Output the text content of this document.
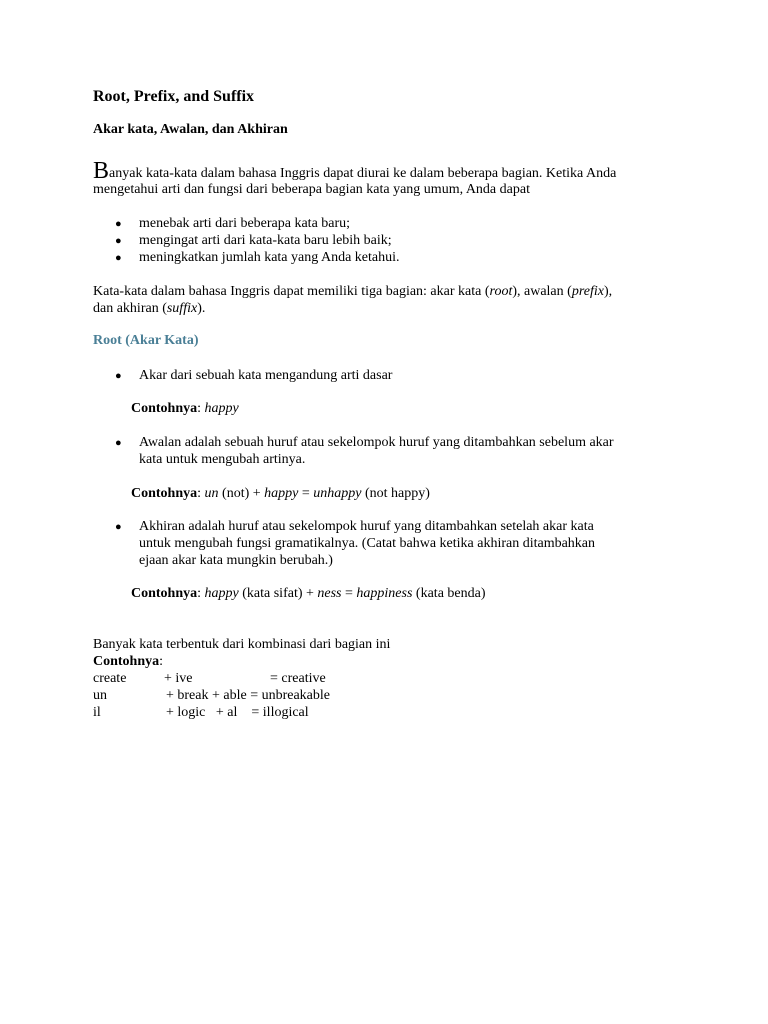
Root, Prefix, and Suffix
Akar kata, Awalan, dan Akhiran
Banyak kata-kata dalam bahasa Inggris dapat diurai ke dalam beberapa bagian. Ketika Anda
mengetahui arti dan fungsi dari beberapa bagian kata yang umum, Anda dapat
● menebak arti dari beberapa kata baru;
● mengingat arti dari kata-kata baru lebih baik;
● meningkatkan jumlah kata yang Anda ketahui.
Kata-kata dalam bahasa Inggris dapat memiliki tiga bagian: akar kata (root), awalan (prefix),
dan akhiran (suffix).
Root (Akar Kata)
● Akar dari sebuah kata mengandung arti dasar
Contohnya: happy
● Awalan adalah sebuah huruf atau sekelompok huruf yang ditambahkan sebelum akar
kata untuk mengubah artinya.
Contohnya: un (not) + happy = unhappy (not happy)
● Akhiran adalah huruf atau sekelompok huruf yang ditambahkan setelah akar kata
untuk mengubah fungsi gramatikalnya. (Catat bahwa ketika akhiran ditambahkan
ejaan akar kata mungkin berubah.)
Contohnya: happy (kata sifat) + ness = happiness (kata benda)
Banyak kata terbentuk dari kombinasi dari bagian ini
Contohnya:
create	+ ive	= creative
un	+ break + able = unbreakable
il	+ logic   + al    = illogical
